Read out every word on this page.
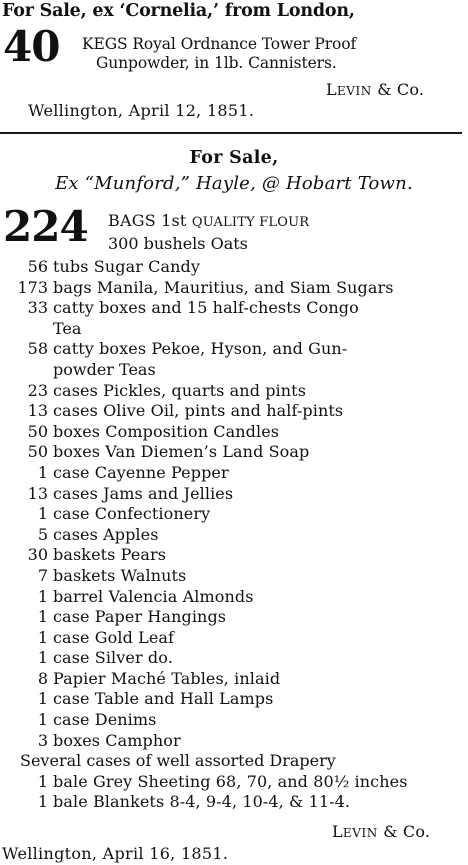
For Sale, ex ‘Cornelia,’ from London,
40 KEGS Royal Ordnance Tower Proof
Gunpowder, in 1lb. Cannisters.
LEVIN & Co.
Wellington, April 12, 1851.
For Sale,
Ex “Munford,” Hayle, @ Hobart Town.
224 BAGS 1st QUALITY FLOUR
300 bushels Oats
56 tubs Sugar Candy
173 bags Manila, Mauritius, and Siam Sugars
33 catty boxes and 15 half-chests Congo
Tea
58 catty boxes Pekoe, Hyson, and Gun-
powder Teas
23 cases Pickles, quarts and pints
13 cases Olive Oil, pints and half-pints
50 boxes Composition Candles
50 boxes Van Diemen’s Land Soap
1 case Cayenne Pepper
13 cases Jams and Jellies
1 case Confectionery
5 cases Apples
30 baskets Pears
7 baskets Walnuts
1 barrel Valencia Almonds
1 case Paper Hangings
1 case Gold Leaf
1 case Silver do.
8 Papier Maché Tables, inlaid
1 case Table and Hall Lamps
1 case Denims
3 boxes Camphor
Several cases of well assorted Drapery
1 bale Grey Sheeting 68, 70, and 80½ inches
1 bale Blankets 8-4, 9-4, 10-4, & 11-4.
LEVIN & Co.
Wellington, April 16, 1851.
